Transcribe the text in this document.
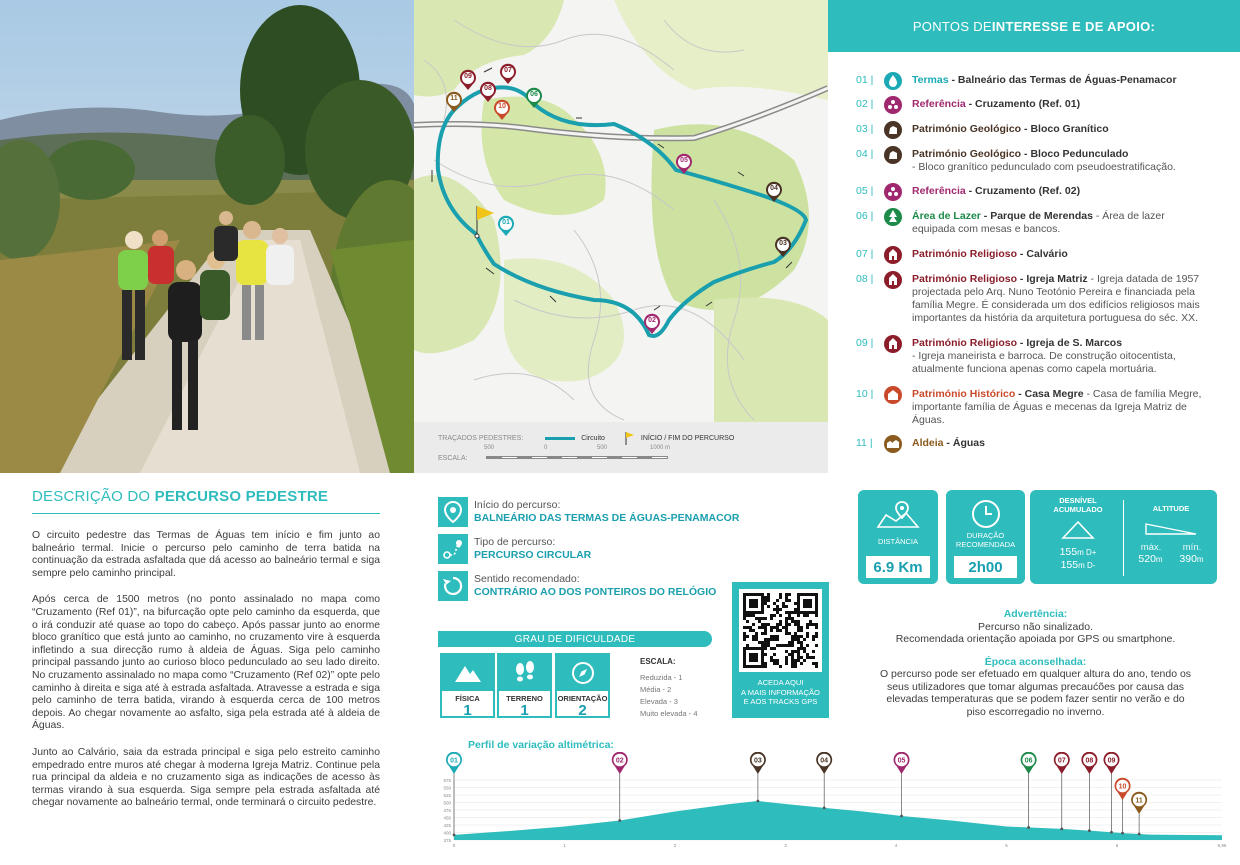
01
02
03
04
05
06
07
08
09
10
11
TRAÇADOS PEDESTRES:	Circuito	INÍCIO / FIM DO PERCURSO
ESCALA:
500	0	500	1000 m
PONTOS DE INTERESSE E DE APOIO:
01 |	Termas - Balneário das Termas de Águas-Penamacor
02 |	Referência - Cruzamento (Ref. 01)
03 |	Património Geológico - Bloco Granítico
04 |	Património Geológico - Bloco Pedunculado
- Bloco granítico pedunculado com pseudoestratificação.
05 |	Referência - Cruzamento (Ref. 02)
06 |	Área de Lazer - Parque de Merendas - Área de lazer equipada com mesas e bancos.
07 |	Património Religioso - Calvário
08 |	Património Religioso - Igreja Matriz - Igreja datada de 1957 projectada pelo Arq. Nuno Teotónio Pereira e financiada pela família Megre. É considerada um dos edifícios religiosos mais importantes da história da arquitetura portuguesa do séc. XX.
09 |	Património Religioso - Igreja de S. Marcos
- Igreja maneirista e barroca. De construção oitocentista, atualmente funciona apenas como capela mortuária.
10 |	Património Histórico - Casa Megre - Casa de família Megre, importante família de Águas e mecenas da Igreja Matriz de Águas.
11 |	Aldeia - Águas
DESCRIÇÃO DO PERCURSO PEDESTRE

O circuito pedestre das Termas de Águas tem início e fim junto ao balneário termal. Inicie o percurso pelo caminho de terra batida na continuação da estrada asfaltada que dá acesso ao balneário termal e siga sempre pelo caminho principal.

Após cerca de 1500 metros (no ponto assinalado no mapa como “Cruzamento (Ref 01)”, na bifurcação opte pelo caminho da esquerda, que o irá conduzir até quase ao topo do cabeço. Após passar junto ao enorme bloco granítico que está junto ao caminho, no cruzamento vire à esquerda infletindo a sua direcção rumo à aldeia de Águas. Siga pelo caminho principal passando junto ao curioso bloco pedunculado ao seu lado direito. No cruzamento assinalado no mapa como “Cruzamento (Ref 02)” opte pelo caminho à direita e siga até à estrada asfaltada. Atravesse a estrada e siga pelo caminho de terra batida, virando à esquerda cerca de 100 metros depois. Ao chegar novamente ao asfalto, siga pela estrada até à aldeia de Águas.

Junto ao Calvário, saia da estrada principal e siga pelo estreito caminho empedrado entre muros até chegar à moderna Igreja Matriz. Continue pela rua principal da aldeia e no cruzamento siga as indicações de acesso às termas virando à sua esquerda. Siga sempre pela estrada asfaltada até chegar novamente ao balneário termal, onde terminará o circuito pedestre.

Início do percurso:
BALNEÁRIO DAS TERMAS DE ÁGUAS-PENAMACOR
Tipo de percurso:
PERCURSO CIRCULAR
Sentido recomendado:
CONTRÁRIO AO DOS PONTEIROS DO RELÓGIO
GRAU DE DIFICULDADE
FÍSICA
1
TERRENO
1
ORIENTAÇÃO
2
ESCALA:
Reduzida - 1
Média - 2
Elevada - 3
Muito elevada - 4
ACEDA AQUI
A MAIS INFORMAÇÃO
E AOS TRACKS GPS
DISTÂNCIA
6.9 Km
DURAÇÃO
RECOMENDADA
2h00
DESNÍVEL
ACUMULADO
155m D+
155m D-
ALTITUDE
máx. mín.
520m 390m
Advertência:
Percurso não sinalizado.
Recomendada orientação apoiada por GPS ou smartphone.
Época aconselhada:
O percurso pode ser efetuado em qualquer altura do ano, tendo os seus utilizadores que tomar algumas precaućões por causa das elevadas temperaturas que se podem fazer sentir no verão e do piso escorregadio no inverno.
Perfil de variação altimétrica:
575
550
525
500
475
450
425
400
375
0	1	2	3	4	5	6	6,95
01	02	03	04	05	06	07	08 09
10
11
